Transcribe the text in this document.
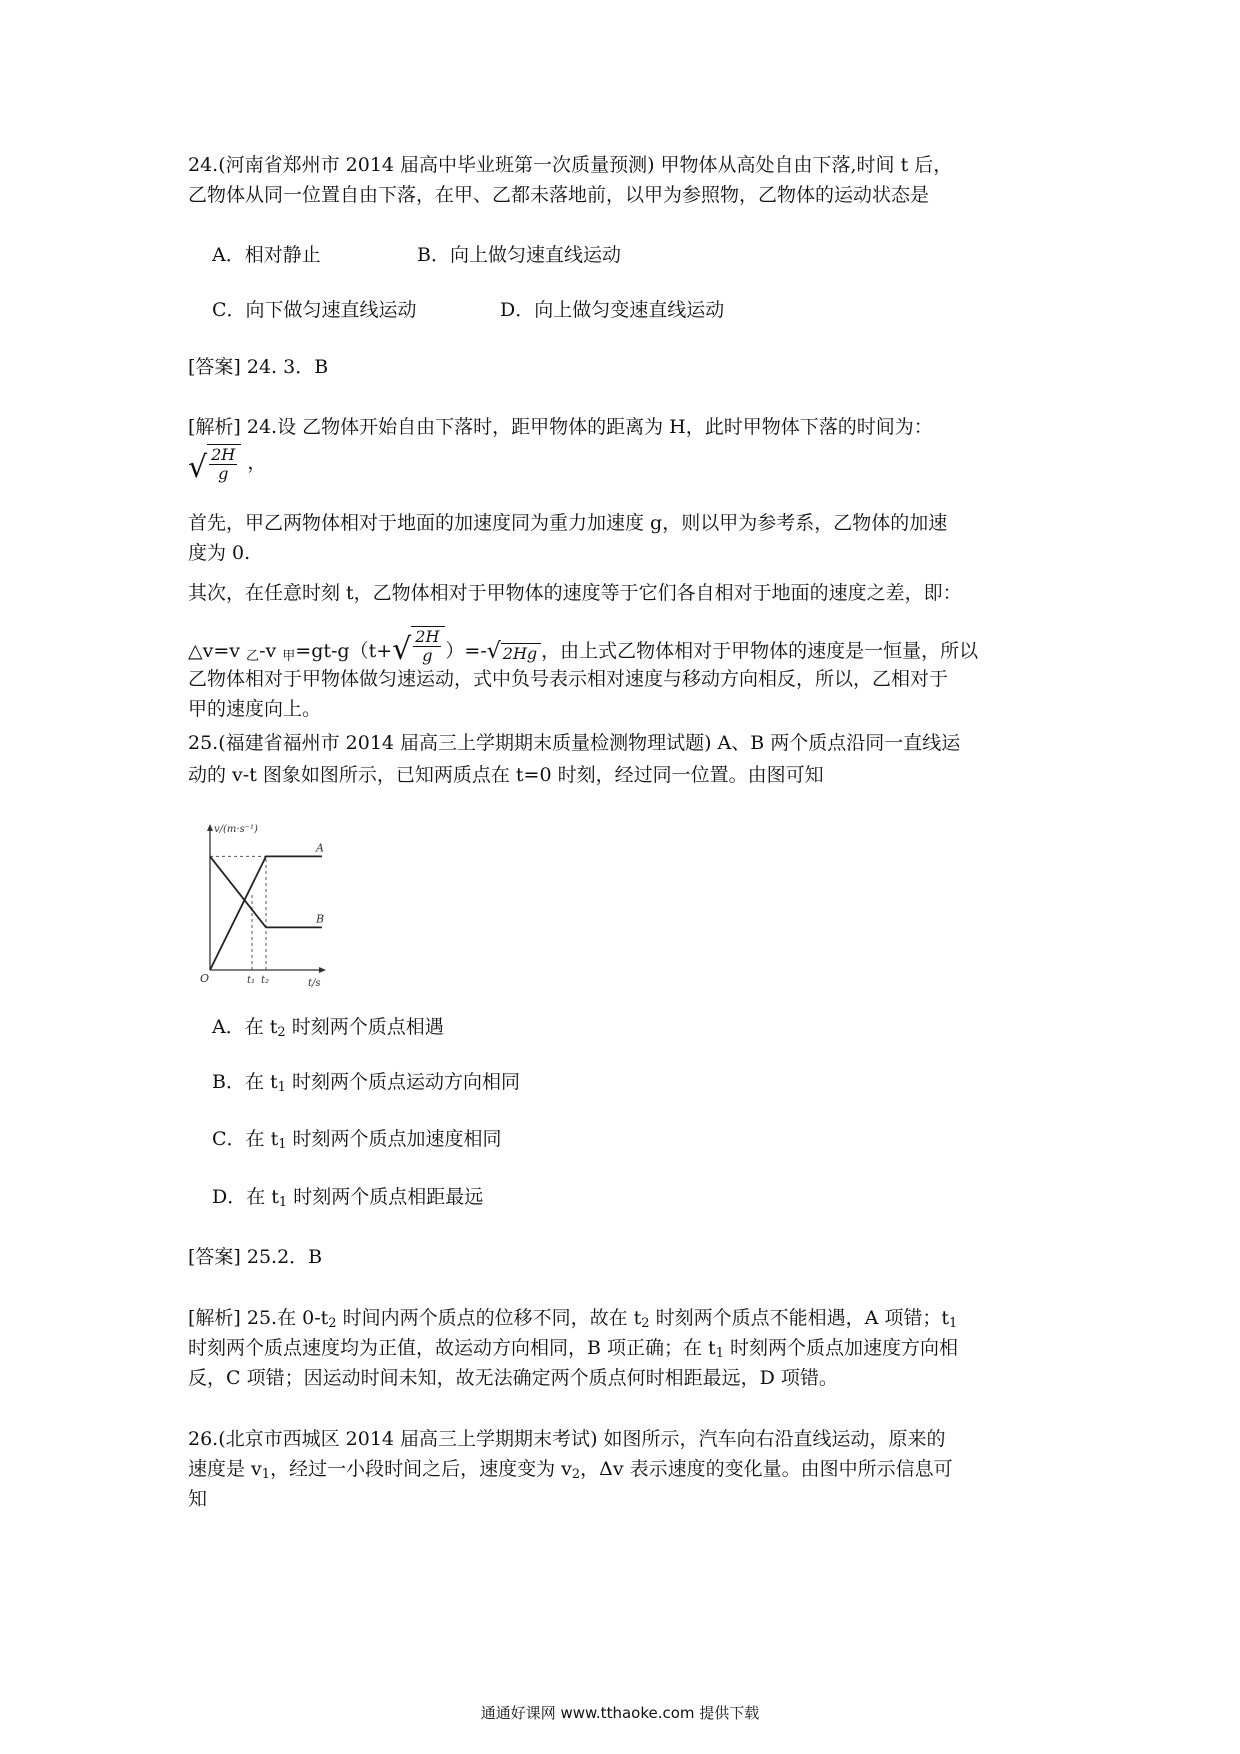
24.(河南省郑州市 2014 届高中毕业班第一次质量预测) 甲物体从高处自由下落,时间 t 后，
乙物体从同一位置自由下落，在甲、乙都未落地前，以甲为参照物，乙物体的运动状态是
A．相对静止	B．向上做匀速直线运动
C．向下做匀速直线运动	D．向上做匀变速直线运动
[答案] 24. 3．B
[解析] 24.设 乙物体开始自由下落时，距甲物体的距离为 H，此时甲物体下落的时间为：
√ $\frac{2H}{g}$ ，
首先，甲乙两物体相对于地面的加速度同为重力加速度 g，则以甲为参考系，乙物体的加速
度为 0.
其次，在任意时刻 t，乙物体相对于甲物体的速度等于它们各自相对于地面的速度之差，即：
△v=v $_乙$-v $_甲$=gt-g（t+ √ $\frac{2H}{g}$ ）=- √ 2Hg ，由上式乙物体相对于甲物体的速度是一恒量，所以
乙物体相对于甲物体做匀速运动，式中负号表示相对速度与移动方向相反，所以，乙相对于
甲的速度向上。
25.(福建省福州市 2014 届高三上学期期末质量检测物理试题) A、B 两个质点沿同一直线运
动的 v-t 图象如图所示，已知两质点在 t=0 时刻，经过同一位置。由图可知
v/(m·s⁻¹)
t/s
O
A
B
t₁ t₂
A．在 $t_2$ 时刻两个质点相遇
B．在 $t_1$ 时刻两个质点运动方向相同
C．在 $t_1$ 时刻两个质点加速度相同
D．在 $t_1$ 时刻两个质点相距最远
[答案] 25.2．B
[解析] 25.在 $0-t_2$ 时间内两个质点的位移不同，故在 $t_2$ 时刻两个质点不能相遇，A 项错；$t_1$
时刻两个质点速度均为正值，故运动方向相同，B 项正确；在 $t_1$ 时刻两个质点加速度方向相
反，C 项错；因运动时间未知，故无法确定两个质点何时相距最远，D 项错。
26.(北京市西城区 2014 届高三上学期期末考试) 如图所示，汽车向右沿直线运动，原来的
速度是 $v_1$，经过一小段时间之后，速度变为 $v_2$，Δv 表示速度的变化量。由图中所示信息可
知
通通好课网 www.tthaoke.com 提供下载
